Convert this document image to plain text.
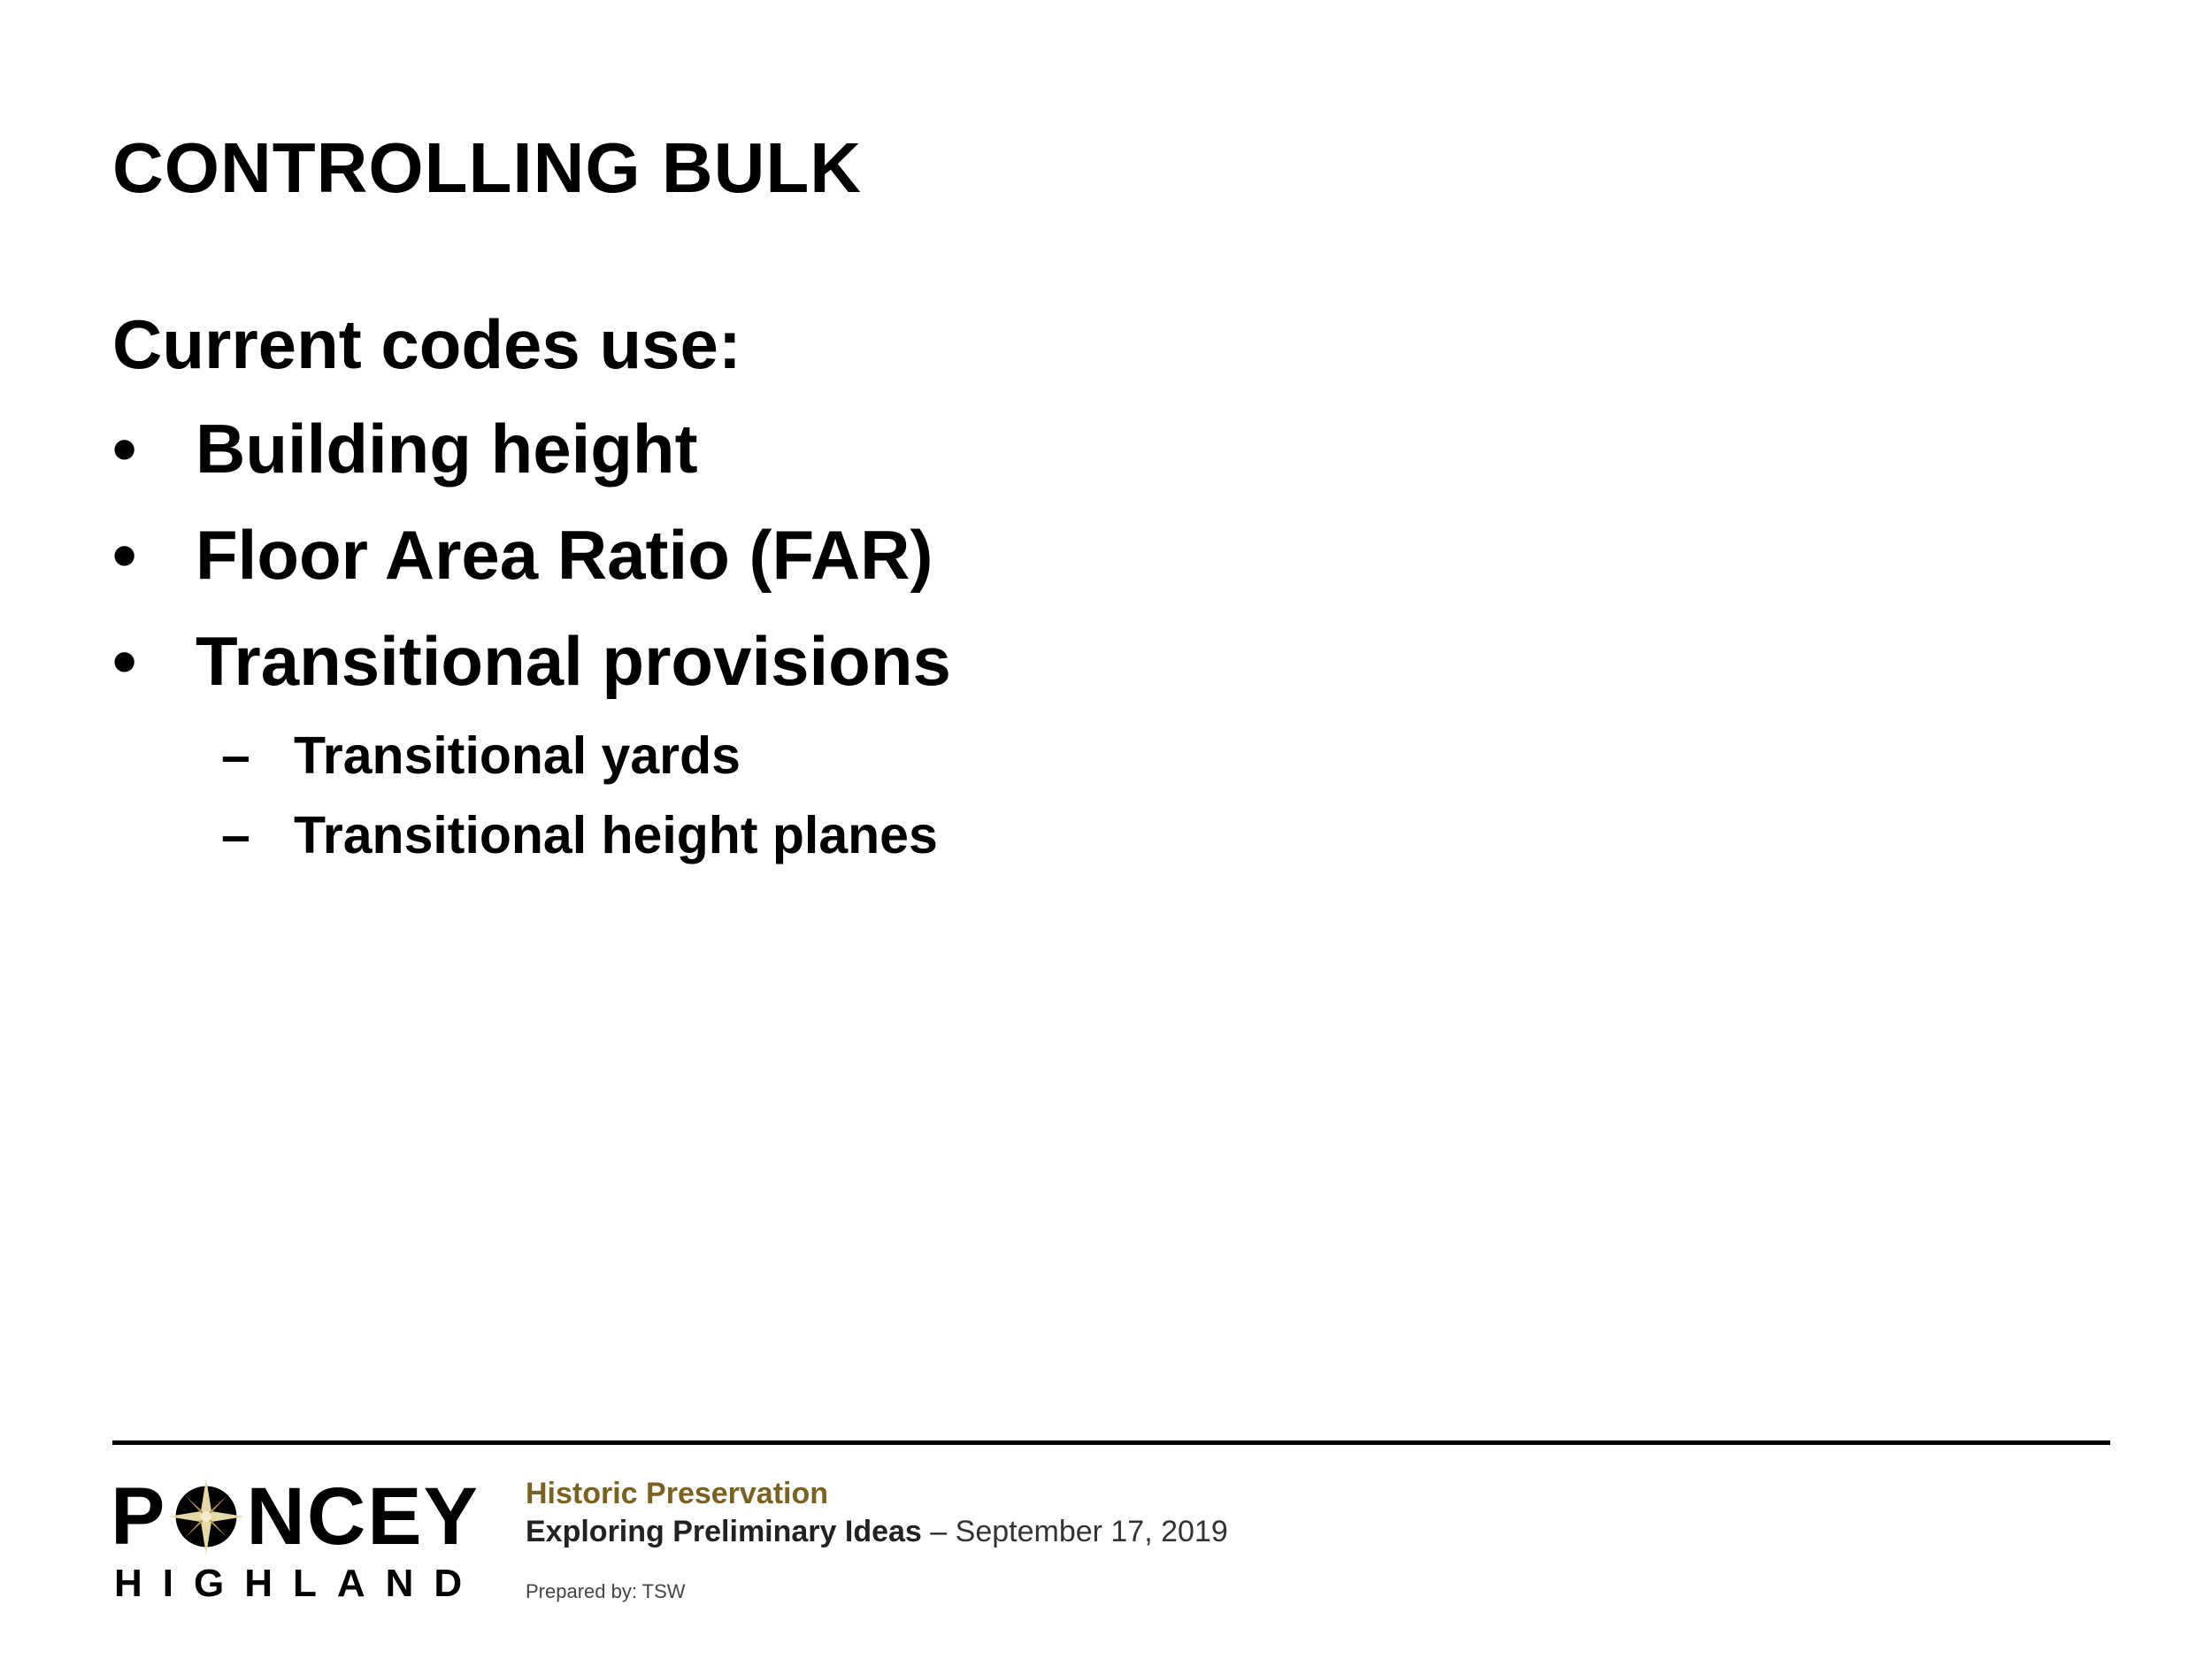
CONTROLLING BULK
Current codes use:
• Building height
• Floor Area Ratio (FAR)
• Transitional provisions
– Transitional yards
– Transitional height planes
P NCEY
HIGHLAND
Historic Preservation
Exploring Preliminary Ideas – September 17, 2019
Prepared by: TSW
